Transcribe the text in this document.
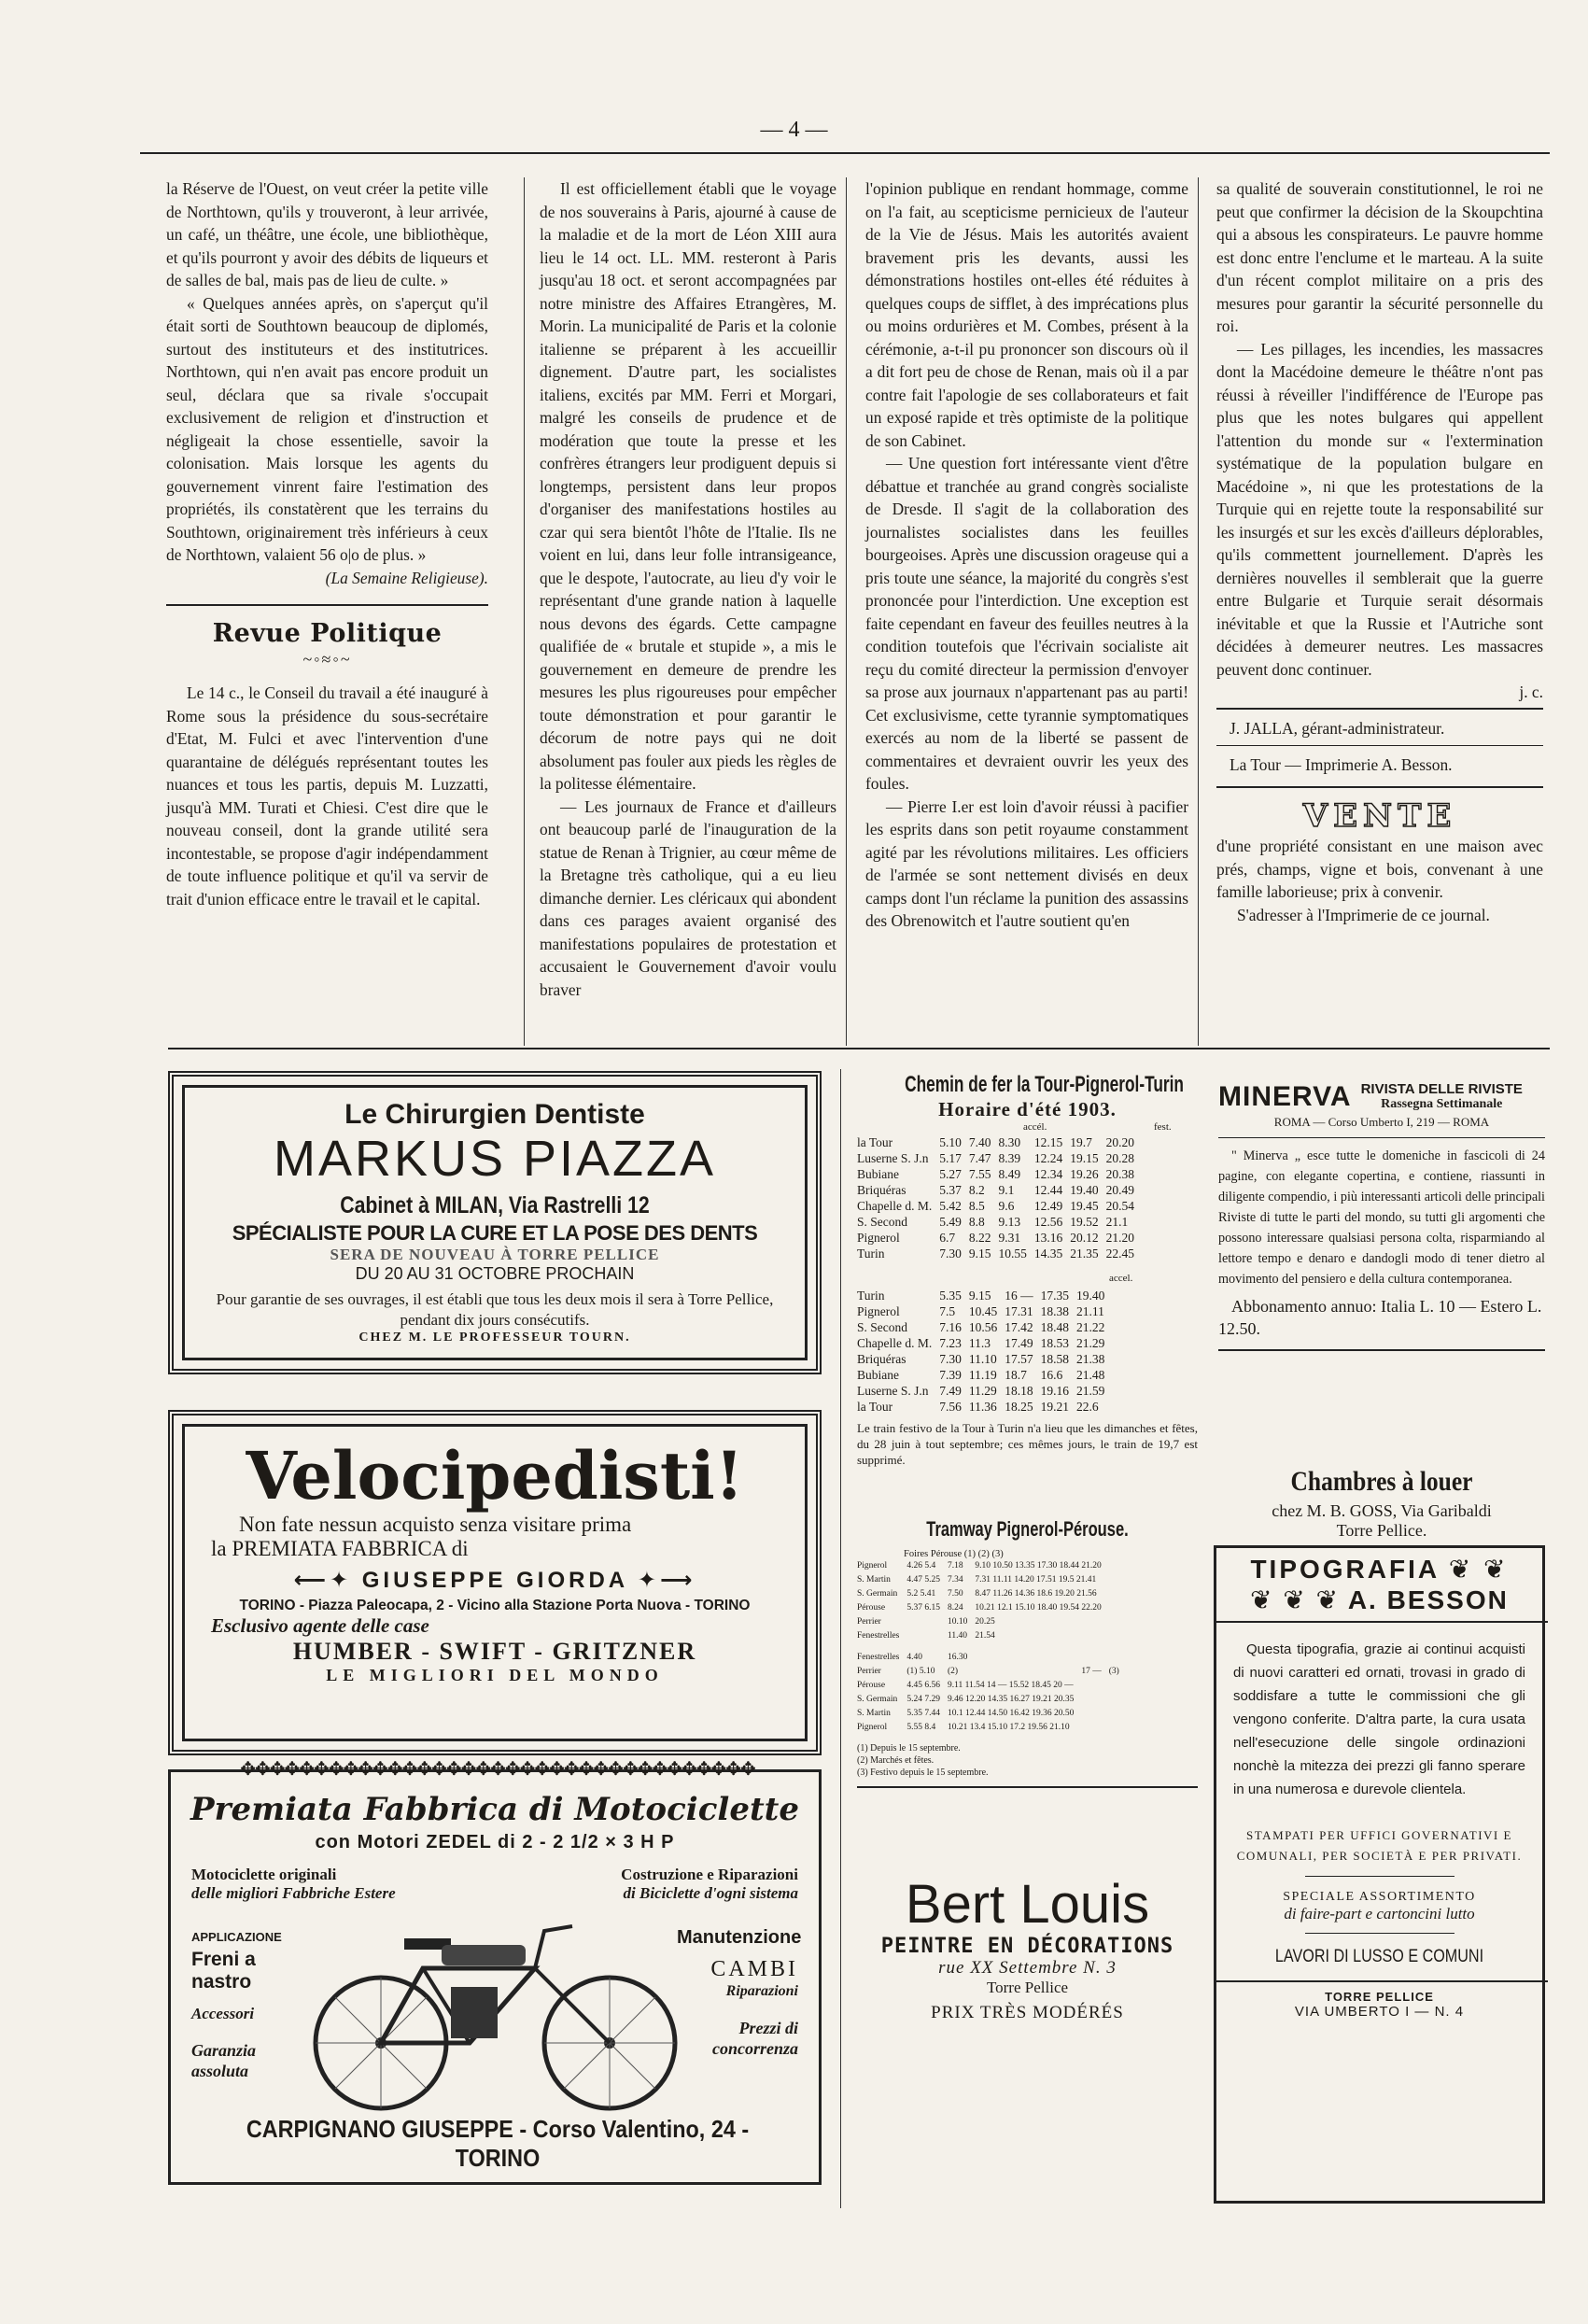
— 4 —

la Réserve de l'Ouest, on veut créer la petite ville de Northtown, qu'ils y trouveront, à leur arrivée, un café, un théâtre, une école, une bibliothèque, et qu'ils pourront y avoir des débits de liqueurs et de salles de bal, mais pas de lieu de culte. »

« Quelques années après, on s'aperçut qu'il était sorti de Southtown beaucoup de diplomés, surtout des instituteurs et des institutrices. Northtown, qui n'en avait pas encore produit un seul, déclara que sa rivale s'occupait exclusivement de religion et d'instruction et négligeait la chose essentielle, savoir la colonisation. Mais lorsque les agents du gouvernement vinrent faire l'estimation des propriétés, ils constatèrent que les terrains du Southtown, originairement très inférieurs à ceux de Northtown, valaient 56 o|o de plus. »

(La Semaine Religieuse).

Revue Politique
~◦≈◦~

Le 14 c., le Conseil du travail a été inauguré à Rome sous la présidence du sous-secrétaire d'Etat, M. Fulci et avec l'intervention d'une quarantaine de délégués représentant toutes les nuances et tous les partis, depuis M. Luzzatti, jusqu'à MM. Turati et Chiesi. C'est dire que le nouveau conseil, dont la grande utilité sera incontestable, se propose d'agir indépendamment de toute influence politique et qu'il va servir de trait d'union efficace entre le travail et le capital.

Il est officiellement établi que le voyage de nos souverains à Paris, ajourné à cause de la maladie et de la mort de Léon XIII aura lieu le 14 oct. LL. MM. resteront à Paris jusqu'au 18 oct. et seront accompagnées par notre ministre des Affaires Etrangères, M. Morin. La municipalité de Paris et la colonie italienne se préparent à les accueillir dignement. D'autre part, les socialistes italiens, excités par MM. Ferri et Morgari, malgré les conseils de prudence et de modération que toute la presse et les confrères étrangers leur prodiguent depuis si longtemps, persistent dans leur propos d'organiser des manifestations hostiles au czar qui sera bientôt l'hôte de l'Italie. Ils ne voient en lui, dans leur folle intransigeance, que le despote, l'autocrate, au lieu d'y voir le représentant d'une grande nation à laquelle nous devons des égards. Cette campagne qualifiée de « brutale et stupide », a mis le gouvernement en demeure de prendre les mesures les plus rigoureuses pour empêcher toute démonstration et pour garantir le décorum de notre pays qui ne doit absolument pas fouler aux pieds les règles de la politesse élémentaire.

— Les journaux de France et d'ailleurs ont beaucoup parlé de l'inauguration de la statue de Renan à Trignier, au cœur même de la Bretagne très catholique, qui a eu lieu dimanche dernier. Les cléricaux qui abondent dans ces parages avaient organisé des manifestations populaires de protestation et accusaient le Gouvernement d'avoir voulu braver

l'opinion publique en rendant hommage, comme on l'a fait, au scepticisme pernicieux de l'auteur de la Vie de Jésus. Mais les autorités avaient bravement pris les devants, aussi les démonstrations hostiles ont-elles été réduites à quelques coups de sifflet, à des imprécations plus ou moins ordurières et M. Combes, présent à la cérémonie, a-t-il pu prononcer son discours où il a dit fort peu de chose de Renan, mais où il a par contre fait l'apologie de ses collaborateurs et fait un exposé rapide et très optimiste de la politique de son Cabinet.

— Une question fort intéressante vient d'être débattue et tranchée au grand congrès socialiste de Dresde. Il s'agit de la collaboration des journalistes socialistes dans les feuilles bourgeoises. Après une discussion orageuse qui a pris toute une séance, la majorité du congrès s'est prononcée pour l'interdiction. Une exception est faite cependant en faveur des feuilles neutres à la condition toutefois que l'écrivain socialiste ait reçu du comité directeur la permission d'envoyer sa prose aux journaux n'appartenant pas au parti! Cet exclusivisme, cette tyrannie symptomatiques exercés au nom de la liberté se passent de commentaires et devraient ouvrir les yeux des foules.

— Pierre I.er est loin d'avoir réussi à pacifier les esprits dans son petit royaume constamment agité par les révolutions militaires. Les officiers de l'armée se sont nettement divisés en deux camps dont l'un réclame la punition des assassins des Obrenowitch et l'autre soutient qu'en

sa qualité de souverain constitutionnel, le roi ne peut que confirmer la décision de la Skoupchtina qui a absous les conspirateurs. Le pauvre homme est donc entre l'enclume et le marteau. A la suite d'un récent complot militaire on a pris des mesures pour garantir la sécurité personnelle du roi.

— Les pillages, les incendies, les massacres dont la Macédoine demeure le théâtre n'ont pas réussi à réveiller l'indifférence de l'Europe pas plus que les notes bulgares qui appellent l'attention du monde sur « l'extermination systématique de la population bulgare en Macédoine », ni que les protestations de la Turquie qui en rejette toute la responsabilité sur les insurgés et sur les excès d'ailleurs déplorables, qu'ils commettent journellement. D'après les dernières nouvelles il semblerait que la guerre entre Bulgarie et Turquie serait désormais inévitable et que la Russie et l'Autriche sont décidées à demeurer neutres. Les massacres peuvent donc continuer.

j. c.

J. JALLA, gérant-administrateur.

La Tour — Imprimerie A. Besson.

VENTE

d'une propriété consistant en une maison avec prés, champs, vigne et bois, convenant à une famille laborieuse; prix à convenir.

S'adresser à l'Imprimerie de ce journal.

Le Chirurgien Dentiste
MARKUS PIAZZA
Cabinet à MILAN, Via Rastrelli 12
SPÉCIALISTE POUR LA CURE ET LA POSE DES DENTS
SERA DE NOUVEAU À TORRE PELLICE
DU 20 AU 31 OCTOBRE PROCHAIN
Pour garantie de ses ouvrages, il est établi que tous les deux mois il sera à Torre Pellice, pendant dix jours consécutifs.
CHEZ M. LE PROFESSEUR TOURN.
Velocipedisti!
Non fate nessun acquisto senza visitare prima
la PREMIATA FABBRICA di
⟵✦ GIUSEPPE GIORDA ✦⟶
TORINO - Piazza Paleocapa, 2 - Vicino alla Stazione Porta Nuova - TORINO
Esclusivo agente delle case
HUMBER - SWIFT - GRITZNER
LE MIGLIORI DEL MONDO
✥✥✥✥✥✥✥✥✥✥✥✥✥✥✥✥✥✥✥✥✥✥✥✥✥✥✥✥✥✥✥✥✥✥✥
Premiata Fabbrica di Motociclette
con Motori ZEDEL di 2 - 2 1/2 × 3 H P
Motociclette originali
delle migliori Fabbriche Estere
Costruzione e Riparazioni
di Biciclette d'ogni sistema
APPLICAZIONE
Freni a nastro
Accessori
Garanzia assoluta
Manutenzione
CAMBI
Riparazioni
Prezzi di concorrenza
CARPIGNANO GIUSEPPE - Corso Valentino, 24 - TORINO
Chemin de fer la Tour-Pignerol-Turin
Horaire d'été 1903.
accél.	fest.
la Tour	5.10	7.40	8.30	12.15	19.7	20.20
Luserne S. J.n	5.17	7.47	8.39	12.24	19.15	20.28
Bubiane	5.27	7.55	8.49	12.34	19.26	20.38
Briquéras	5.37	8.2	9.1	12.44	19.40	20.49
Chapelle d. M.	5.42	8.5	9.6	12.49	19.45	20.54
S. Second	5.49	8.8	9.13	12.56	19.52	21.1
Pignerol	6.7	8.22	9.31	13.16	20.12	21.20
Turin	7.30	9.15	10.55	14.35	21.35	22.45
accel.
Turin	5.35	9.15	16 —	17.35	19.40
Pignerol	7.5	10.45	17.31	18.38	21.11
S. Second	7.16	10.56	17.42	18.48	21.22
Chapelle d. M.	7.23	11.3	17.49	18.53	21.29
Briquéras	7.30	11.10	17.57	18.58	21.38
Bubiane	7.39	11.19	18.7	16.6	21.48
Luserne S. J.n	7.49	11.29	18.18	19.16	21.59
la Tour	7.56	11.36	18.25	19.21	22.6
Le train festivo de la Tour à Turin n'a lieu que les dimanches et fêtes, du 28 juin à tout septembre; ces mêmes jours, le train de 19,7 est supprimé.
Tramway Pignerol-Pérouse.
Foires Pérouse (1) (2) (3)
Pignerol	4.26 5.4	7.18	9.10 10.50 13.35 17.30 18.44 21.20
S. Martin	4.47 5.25	7.34	7.31 11.11 14.20 17.51 19.5 21.41
S. Germain	5.2 5.41	7.50	8.47 11.26 14.36 18.6 19.20 21.56
Pérouse	5.37 6.15	8.24	10.21 12.1 15.10 18.40 19.54 22.20
Perrier		10.10	20.25
Fenestrelles		11.40	21.54
Fenestrelles	4.40	16.30		
Perrier	(1) 5.10	(2)	17 —	(3)
Pérouse	4.45 6.56	9.11 11.54 14 — 15.52 18.45 20 —		
S. Germain	5.24 7.29	9.46 12.20 14.35 16.27 19.21 20.35		
S. Martin	5.35 7.44	10.1 12.44 14.50 16.42 19.36 20.50		
Pignerol	5.55 8.4	10.21 13.4 15.10 17.2 19.56 21.10		
(1) Depuis le 15 septembre.
(2) Marchés et fêtes.
(3) Festivo depuis le 15 septembre.
Bert Louis
PEINTRE EN DÉCORATIONS
rue XX Settembre N. 3
Torre Pellice
PRIX TRÈS MODÉRÉS
MINERVA RIVISTA DELLE RIVISTE
Rassegna Settimanale
ROMA — Corso Umberto I, 219 — ROMA
" Minerva „ esce tutte le domeniche in fascicoli di 24 pagine, con elegante copertina, e contiene, riassunti in diligente compendio, i più interessanti articoli delle principali Riviste di tutte le parti del mondo, su tutti gli argomenti che possono interessare qualsiasi persona colta, risparmiando al lettore tempo e denaro e dandogli modo di tener dietro al movimento del pensiero e della cultura contemporanea.
Abbonamento annuo: Italia L. 10 — Estero L. 12.50.
Chambres à louer
chez M. B. GOSS, Via Garibaldi
Torre Pellice.
TIPOGRAFIA ❦ ❦
❦ ❦ ❦ A. BESSON
Questa tipografia, grazie ai continui acquisti di nuovi caratteri ed ornati, trovasi in grado di soddisfare a tutte le commissioni che gli vengono conferite. D'altra parte, la cura usata nell'esecuzione delle singole ordinazioni nonchè la mitezza dei prezzi gli fanno sperare in una numerosa e durevole clientela.
STAMPATI PER UFFICI GOVERNATIVI E COMUNALI, PER SOCIETÀ E PER PRIVATI.
SPECIALE ASSORTIMENTO
di faire-part e cartoncini lutto
LAVORI DI LUSSO E COMUNI
TORRE PELLICE
VIA UMBERTO I — N. 4
